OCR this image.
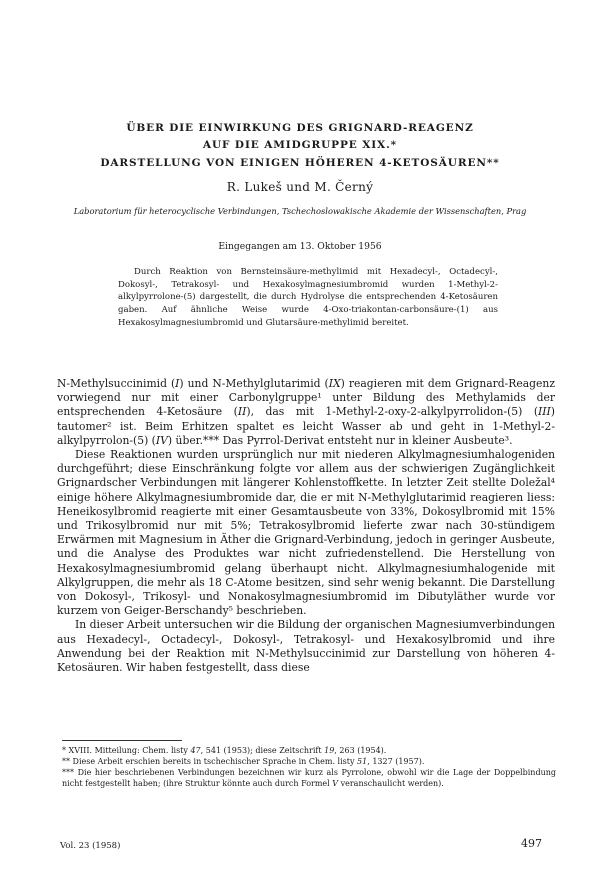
ÜBER DIE EINWIRKUNG DES GRIGNARD-REAGENZ

AUF DIE AMIDGRUPPE XIX.*

DARSTELLUNG VON EINIGEN HÖHEREN 4-KETOSÄUREN**

R. Lukeš und M. Černý

Laboratorium für heterocyclische Verbindungen, Tschechoslowakische Akademie der Wissenschaften, Prag

Eingegangen am 13. Oktober 1956

Durch Reaktion von Bernsteinsäure-methylimid mit Hexadecyl-, Octadecyl-, Dokosyl-, Tetrakosyl- und Hexakosylmagnesiumbromid wurden 1-Methyl-2-alkylpyrrolone-(5) dargestellt, die durch Hydrolyse die entsprechenden 4-Ketosäuren gaben. Auf ähnliche Weise wurde 4-Oxo-triakontan-carbonsäure-(1) aus Hexakosylmagnesiumbromid und Glutarsäure-methylimid bereitet.

N-Methylsuccinimid (I) und N-Methylglutarimid (IX) reagieren mit dem Grignard-Reagenz vorwiegend nur mit einer Carbonylgruppe¹ unter Bildung des Methylamids der entsprechenden 4-Ketosäure (II), das mit 1-Methyl-2-oxy-2-alkylpyrrolidon-(5) (III) tautomer² ist. Beim Erhitzen spaltet es leicht Wasser ab und geht in 1-Methyl-2-alkylpyrrolon-(5) (IV) über.*** Das Pyrrol-Derivat entsteht nur in kleiner Ausbeute³.

Diese Reaktionen wurden ursprünglich nur mit niederen Alkylmagnesiumhalogeniden durchgeführt; diese Einschränkung folgte vor allem aus der schwierigen Zugänglichkeit Grignardscher Verbindungen mit längerer Kohlenstoffkette. In letzter Zeit stellte Doležal⁴ einige höhere Alkylmagnesiumbromide dar, die er mit N-Methylglutarimid reagieren liess: Heneikosylbromid reagierte mit einer Gesamtausbeute von 33%, Dokosylbromid mit 15% und Trikosylbromid nur mit 5%; Tetrakosylbromid lieferte zwar nach 30-stündigem Erwärmen mit Magnesium in Äther die Grignard-Verbindung, jedoch in geringer Ausbeute, und die Analyse des Produktes war nicht zufriedenstellend. Die Herstellung von Hexakosylmagnesiumbromid gelang überhaupt nicht. Alkylmagnesiumhalogenide mit Alkylgruppen, die mehr als 18 C-Atome besitzen, sind sehr wenig bekannt. Die Darstellung von Dokosyl-, Trikosyl- und Nonakosylmagnesiumbromid im Dibutyläther wurde vor kurzem von Geiger-Berschandy⁵ beschrieben.

In dieser Arbeit untersuchen wir die Bildung der organischen Magnesiumverbindungen aus Hexadecyl-, Octadecyl-, Dokosyl-, Tetrakosyl- und Hexakosylbromid und ihre Anwendung bei der Reaktion mit N-Methylsuccinimid zur Darstellung von höheren 4-Ketosäuren. Wir haben festgestellt, dass diese

* XVIII. Mitteilung: Chem. listy 47, 541 (1953); diese Zeitschrift 19, 263 (1954).

** Diese Arbeit erschien bereits in tschechischer Sprache in Chem. listy 51, 1327 (1957).

*** Die hier beschriebenen Verbindungen bezeichnen wir kurz als Pyrrolone, obwohl wir die Lage der Doppelbindung nicht festgestellt haben; (ihre Struktur könnte auch durch Formel V veranschaulicht werden).

Vol. 23 (1958)	497
